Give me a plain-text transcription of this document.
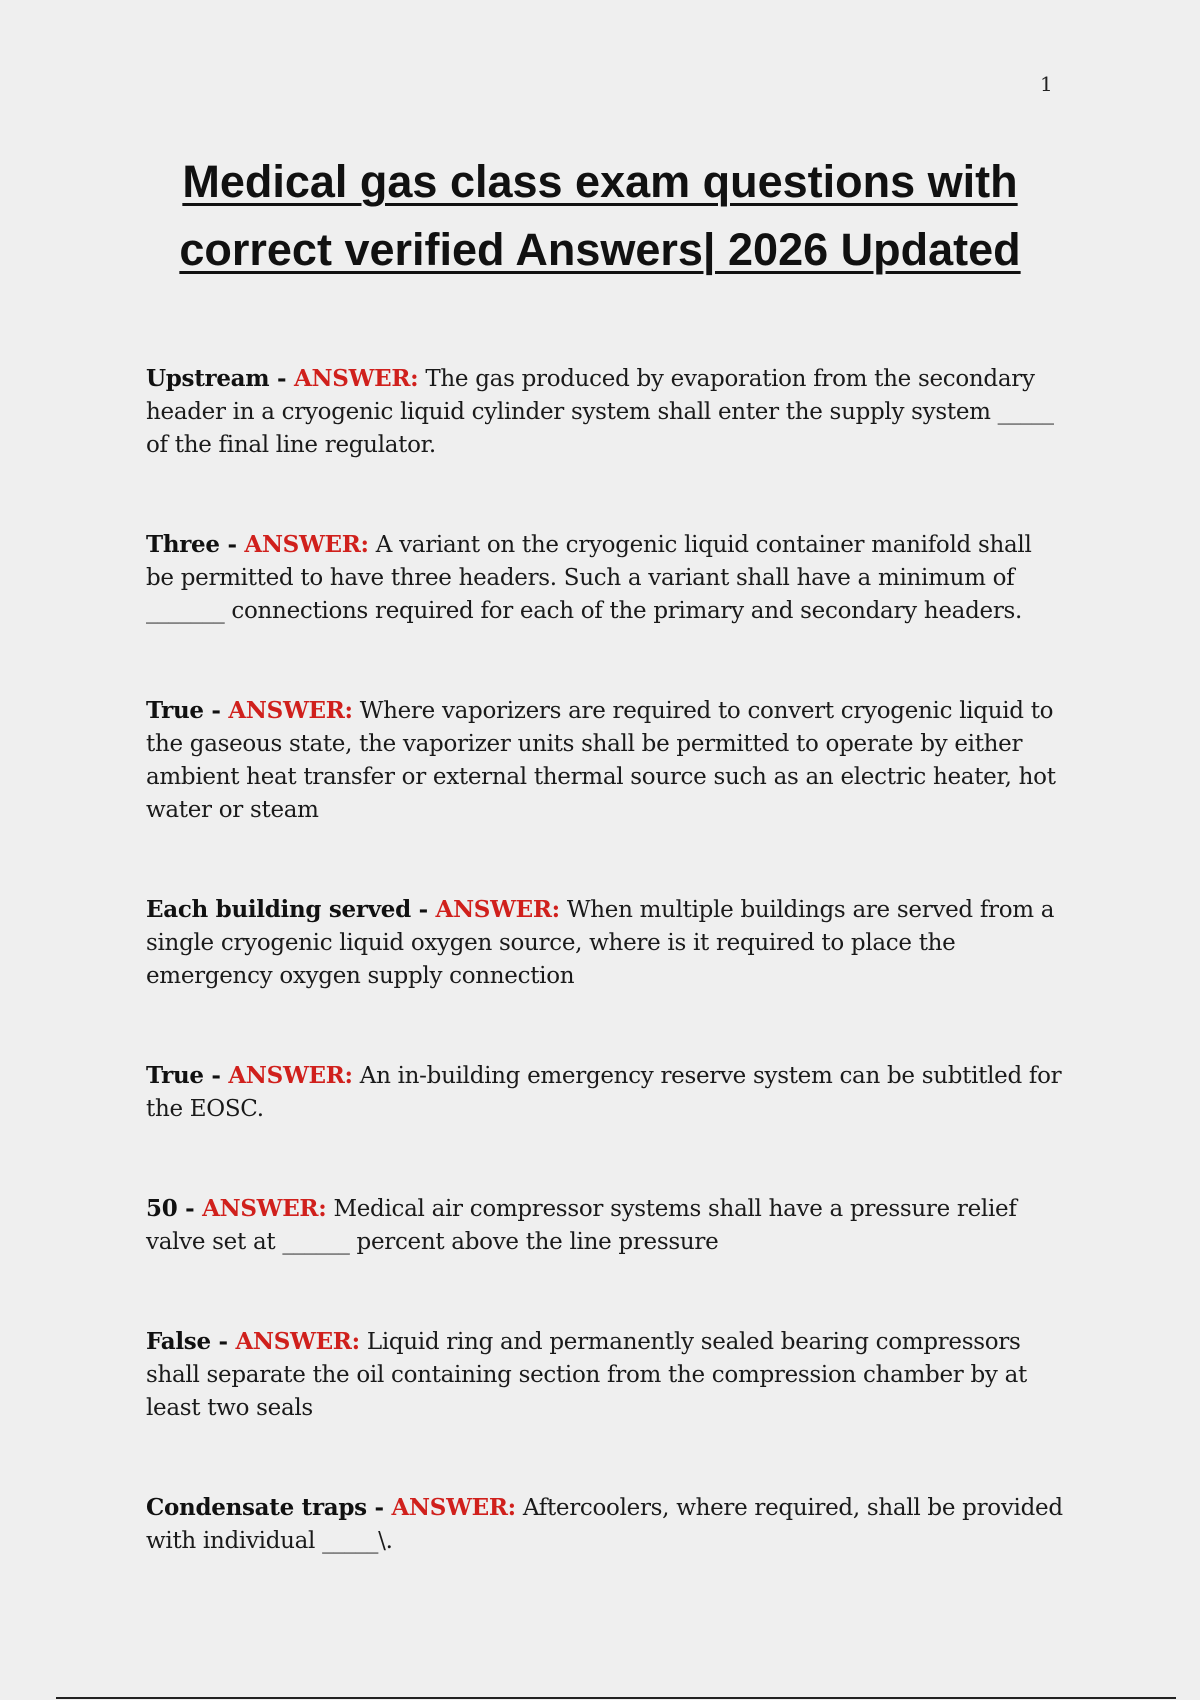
1
Medical gas class exam questions with correct verified Answers| 2026 Updated

Upstream - ANSWER: The gas produced by evaporation from the secondary header in a cryogenic liquid cylinder system shall enter the supply system _____ of the final line regulator.

Three - ANSWER: A variant on the cryogenic liquid container manifold shall be permitted to have three headers. Such a variant shall have a minimum of _______ connections required for each of the primary and secondary headers.

True - ANSWER: Where vaporizers are required to convert cryogenic liquid to the gaseous state, the vaporizer units shall be permitted to operate by either ambient heat transfer or external thermal source such as an electric heater, hot water or steam

Each building served - ANSWER: When multiple buildings are served from a single cryogenic liquid oxygen source, where is it required to place the emergency oxygen supply connection

True - ANSWER: An in-building emergency reserve system can be subtitled for the EOSC.

50 - ANSWER: Medical air compressor systems shall have a pressure relief valve set at ______ percent above the line pressure

False - ANSWER: Liquid ring and permanently sealed bearing compressors shall separate the oil containing section from the compression chamber by at least two seals

Condensate traps - ANSWER: Aftercoolers, where required, shall be provided with individual _____\.
